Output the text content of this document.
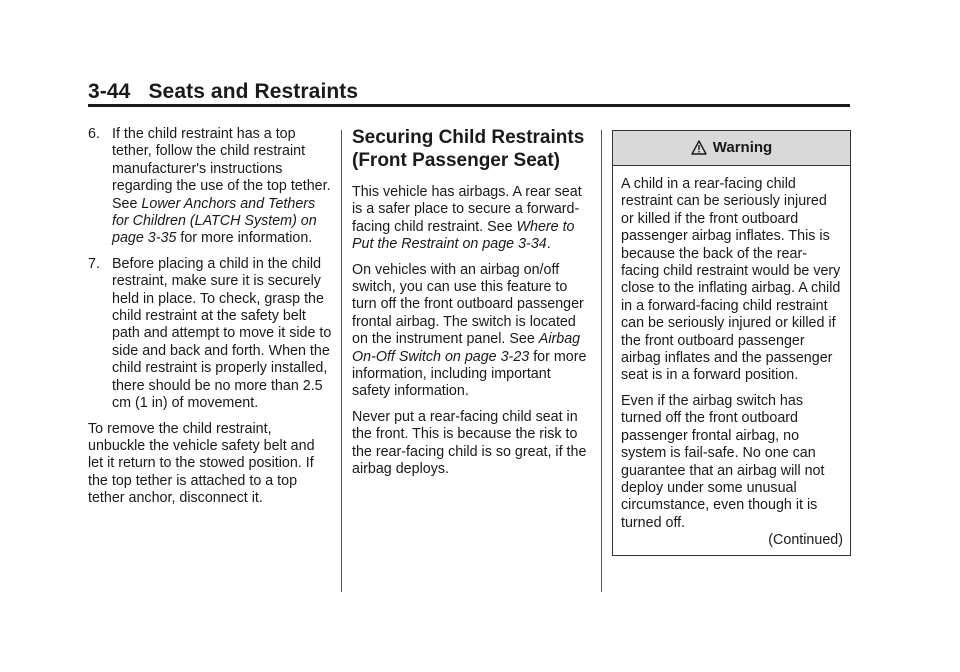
3-44 Seats and Restraints
6. If the child restraint has a top tether, follow the child restraint manufacturer's instructions regarding the use of the top tether. See Lower Anchors and Tethers for Children (LATCH System) on page 3-35 for more information.
7. Before placing a child in the child restraint, make sure it is securely held in place. To check, grasp the child restraint at the safety belt path and attempt to move it side to side and back and forth. When the child restraint is properly installed, there should be no more than 2.5 cm (1 in) of movement.

To remove the child restraint, unbuckle the vehicle safety belt and let it return to the stowed position. If the top tether is attached to a top tether anchor, disconnect it.

Securing Child Restraints (Front Passenger Seat)

This vehicle has airbags. A rear seat is a safer place to secure a forward-facing child restraint. See Where to Put the Restraint on page 3-34.

On vehicles with an airbag on/off switch, you can use this feature to turn off the front outboard passenger frontal airbag. The switch is located on the instrument panel. See Airbag On-Off Switch on page 3-23 for more information, including important safety information.

Never put a rear-facing child seat in the front. This is because the risk to the rear-facing child is so great, if the airbag deploys.

Warning

A child in a rear-facing child restraint can be seriously injured or killed if the front outboard passenger airbag inflates. This is because the back of the rear-facing child restraint would be very close to the inflating airbag. A child in a forward-facing child restraint can be seriously injured or killed if the front outboard passenger airbag inflates and the passenger seat is in a forward position.

Even if the airbag switch has turned off the front outboard passenger frontal airbag, no system is fail-safe. No one can guarantee that an airbag will not deploy under some unusual circumstance, even though it is turned off.

(Continued)
